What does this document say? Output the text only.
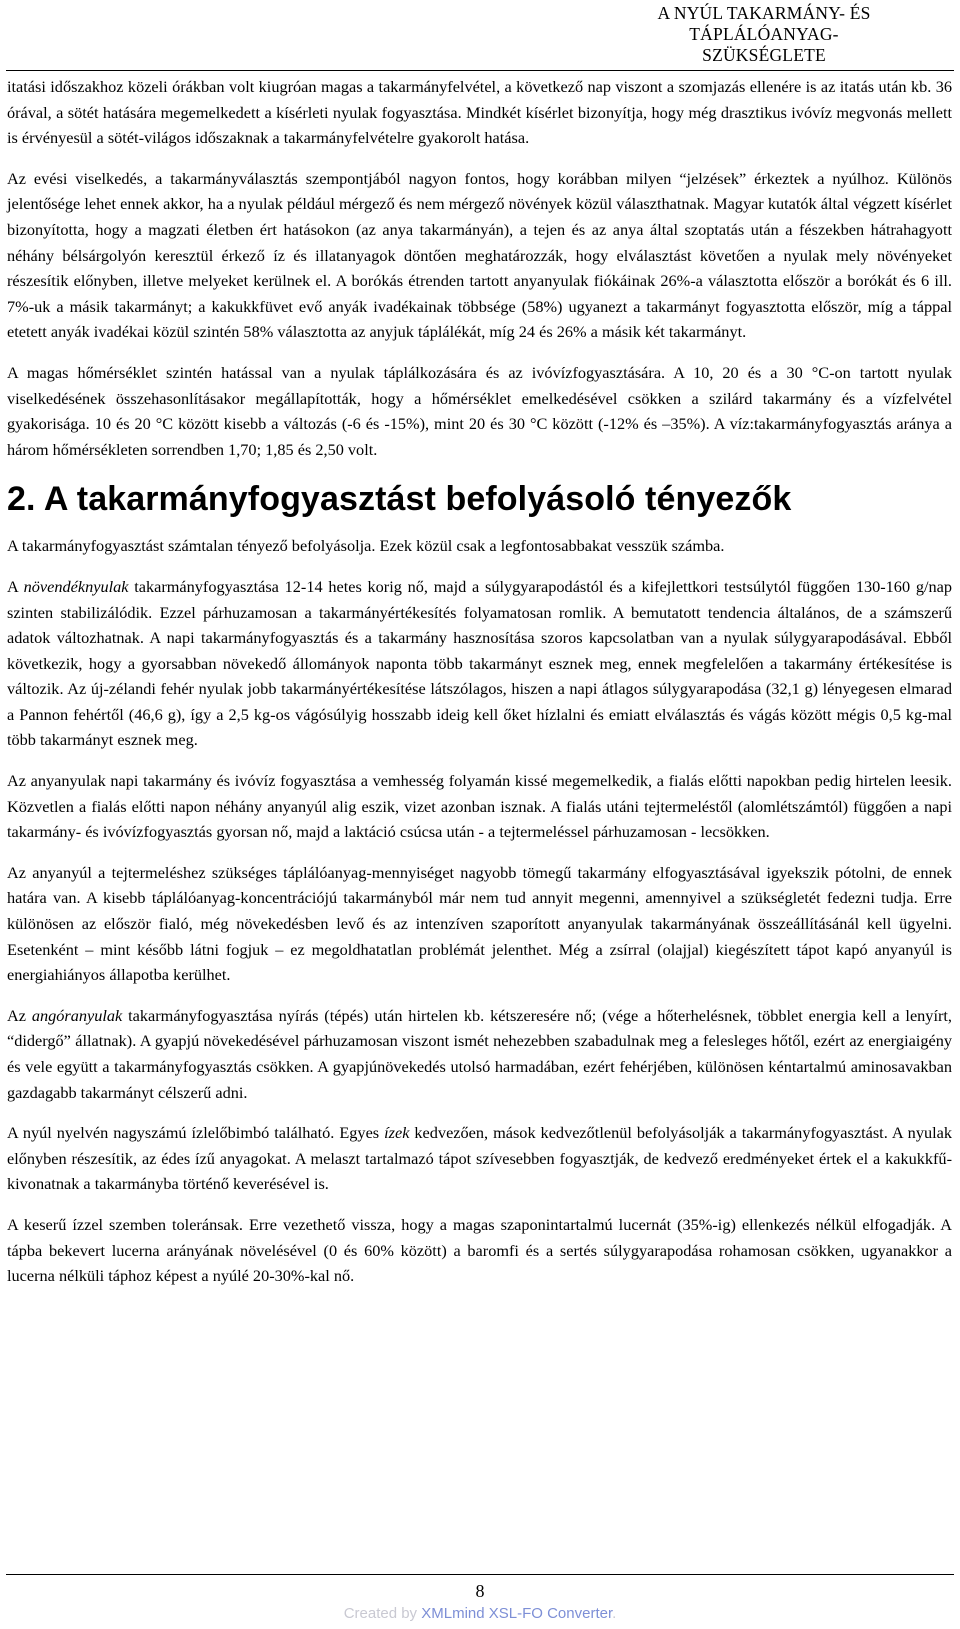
A NYÚL TAKARMÁNY- ÉS
TÁPLÁLÓANYAG-
SZÜKSÉGLETE

itatási időszakhoz közeli órákban volt kiugróan magas a takarmányfelvétel, a következő nap viszont a szomjazás ellenére is az itatás után kb. 36 órával, a sötét hatására megemelkedett a kísérleti nyulak fogyasztása. Mindkét kísérlet bizonyítja, hogy még drasztikus ivóvíz megvonás mellett is érvényesül a sötét-világos időszaknak a takarmányfelvételre gyakorolt hatása.

Az evési viselkedés, a takarmányválasztás szempontjából nagyon fontos, hogy korábban milyen “jelzések” érkeztek a nyúlhoz. Különös jelentősége lehet ennek akkor, ha a nyulak például mérgező és nem mérgező növények közül választhatnak. Magyar kutatók által végzett kísérlet bizonyította, hogy a magzati életben ért hatásokon (az anya takarmányán), a tejen és az anya által szoptatás után a fészekben hátrahagyott néhány bélsárgolyón keresztül érkező íz és illatanyagok döntően meghatározzák, hogy elválasztást követően a nyulak mely növényeket részesítik előnyben, illetve melyeket kerülnek el. A borókás étrenden tartott anyanyulak fiókáinak 26%-a választotta először a borókát és 6 ill. 7%-uk a másik takarmányt; a kakukkfüvet evő anyák ivadékainak többsége (58%) ugyanezt a takarmányt fogyasztotta először, míg a táppal etetett anyák ivadékai közül szintén 58% választotta az anyjuk táplálékát, míg 24 és 26% a másik két takarmányt.

A magas hőmérséklet szintén hatással van a nyulak táplálkozására és az ivóvízfogyasztására. A 10, 20 és a 30 °C-on tartott nyulak viselkedésének összehasonlításakor megállapították, hogy a hőmérséklet emelkedésével csökken a szilárd takarmány és a vízfelvétel gyakorisága. 10 és 20 °C között kisebb a változás (-6 és -15%), mint 20 és 30 °C között (-12% és –35%). A víz:takarmányfogyasztás aránya a három hőmérsékleten sorrendben 1,70; 1,85 és 2,50 volt.

2. A takarmányfogyasztást befolyásoló tényezők

A takarmányfogyasztást számtalan tényező befolyásolja. Ezek közül csak a legfontosabbakat vesszük számba.

A növendéknyulak takarmányfogyasztása 12-14 hetes korig nő, majd a súlygyarapodástól és a kifejlettkori testsúlytól függően 130-160 g/nap szinten stabilizálódik. Ezzel párhuzamosan a takarmányértékesítés folyamatosan romlik. A bemutatott tendencia általános, de a számszerű adatok változhatnak. A napi takarmányfogyasztás és a takarmány hasznosítása szoros kapcsolatban van a nyulak súlygyarapodásával. Ebből következik, hogy a gyorsabban növekedő állományok naponta több takarmányt esznek meg, ennek megfelelően a takarmány értékesítése is változik. Az új-zélandi fehér nyulak jobb takarmányértékesítése látszólagos, hiszen a napi átlagos súlygyarapodása (32,1 g) lényegesen elmarad a Pannon fehértől (46,6 g), így a 2,5 kg-os vágósúlyig hosszabb ideig kell őket hízlalni és emiatt elválasztás és vágás között mégis 0,5 kg-mal több takarmányt esznek meg.

Az anyanyulak napi takarmány és ivóvíz fogyasztása a vemhesség folyamán kissé megemelkedik, a fialás előtti napokban pedig hirtelen leesik. Közvetlen a fialás előtti napon néhány anyanyúl alig eszik, vizet azonban isznak. A fialás utáni tejtermeléstől (alomlétszámtól) függően a napi takarmány- és ivóvízfogyasztás gyorsan nő, majd a laktáció csúcsa után - a tejtermeléssel párhuzamosan - lecsökken.

Az anyanyúl a tejtermeléshez szükséges táplálóanyag-mennyiséget nagyobb tömegű takarmány elfogyasztásával igyekszik pótolni, de ennek határa van. A kisebb táplálóanyag-koncentrációjú takarmányból már nem tud annyit megenni, amennyivel a szükségletét fedezni tudja. Erre különösen az először fialó, még növekedésben levő és az intenzíven szaporított anyanyulak takarmányának összeállításánál kell ügyelni. Esetenként – mint később látni fogjuk – ez megoldhatatlan problémát jelenthet. Még a zsírral (olajjal) kiegészített tápot kapó anyanyúl is energiahiányos állapotba kerülhet.

Az angóranyulak takarmányfogyasztása nyírás (tépés) után hirtelen kb. kétszeresére nő; (vége a hőterhelésnek, többlet energia kell a lenyírt, “didergő” állatnak). A gyapjú növekedésével párhuzamosan viszont ismét nehezebben szabadulnak meg a felesleges hőtől, ezért az energiaigény és vele együtt a takarmányfogyasztás csökken. A gyapjúnövekedés utolsó harmadában, ezért fehérjében, különösen kéntartalmú aminosavakban gazdagabb takarmányt célszerű adni.

A nyúl nyelvén nagyszámú ízlelőbimbó található. Egyes ízek kedvezően, mások kedvezőtlenül befolyásolják a takarmányfogyasztást. A nyulak előnyben részesítik, az édes ízű anyagokat. A melaszt tartalmazó tápot szívesebben fogyasztják, de kedvező eredményeket értek el a kakukkfű-kivonatnak a takarmányba történő keverésével is.

A keserű ízzel szemben toleránsak. Erre vezethető vissza, hogy a magas szaponintartalmú lucernát (35%-ig) ellenkezés nélkül elfogadják. A tápba bekevert lucerna arányának növelésével (0 és 60% között) a baromfi és a sertés súlygyarapodása rohamosan csökken, ugyanakkor a lucerna nélküli táphoz képest a nyúlé 20-30%-kal nő.

8
Created by XMLmind XSL-FO Converter.
